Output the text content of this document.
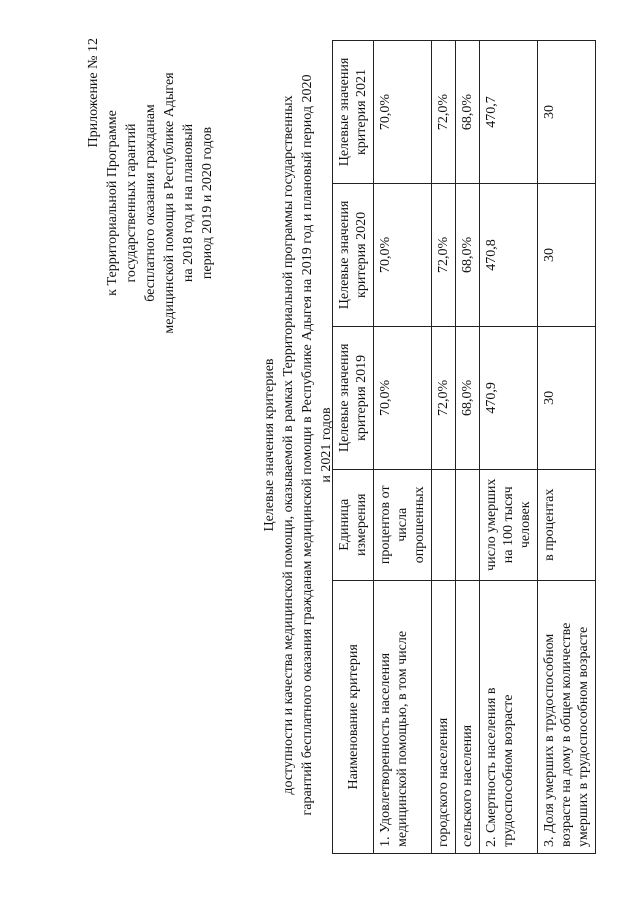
Приложение № 12
к Территориальной Программе государственных гарантий бесплатного оказания гражданам медицинской помощи в Республике Адыгея на 2018 год и на плановый период 2019 и 2020 годов
Целевые значения критериев доступности и качества медицинской помощи, оказываемой в рамках Территориальной программы государственных гарантий бесплатного оказания гражданам медицинской помощи в Республике Адыгея на 2019 год и плановый период 2020 и 2021 годов
Наименование критерия	Единица измерения	Целевые значения критерия 2019	Целевые значения критерия 2020	Целевые значения критерия 2021
1. Удовлетворенность населения медицинской помощью, в том числе	процентов от числа опрошенных	70,0%	70,0%	70,0%
городского населения		72,0%	72,0%	72,0%
сельского населения		68,0%	68,0%	68,0%
2. Смертность населения в трудоспособном возрасте	число умерших на 100 тысяч человек	470,9	470,8	470,7
3. Доля умерших в трудоспособном возрасте на дому в общем количестве умерших в трудоспособном возрасте	в процентах	30	30	30
